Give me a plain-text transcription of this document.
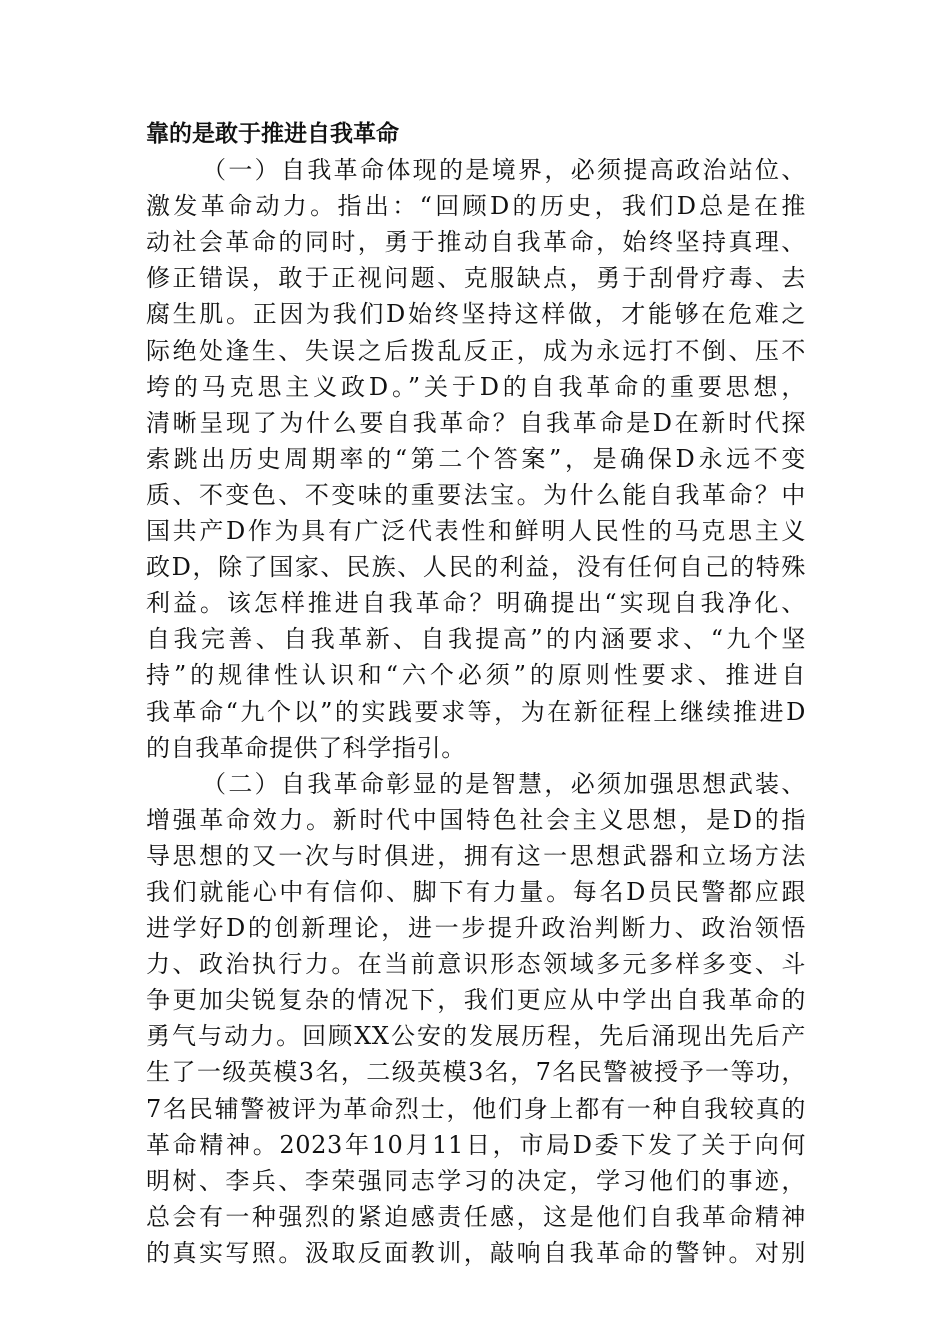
靠的是敢于推进自我革命
（一）自我革命体现的是境界，必须提高政治站位、
激发革命动力。指出：“回顾D的历史，我们D总是在推
动社会革命的同时，勇于推动自我革命，始终坚持真理、
修正错误，敢于正视问题、克服缺点，勇于刮骨疗毒、去
腐生肌。正因为我们D始终坚持这样做，才能够在危难之
际绝处逢生、失误之后拨乱反正，成为永远打不倒、压不
垮的马克思主义政D。”关于D的自我革命的重要思想，
清晰呈现了为什么要自我革命？自我革命是D在新时代探
索跳出历史周期率的“第二个答案”，是确保D永远不变
质、不变色、不变味的重要法宝。为什么能自我革命？中
国共产D作为具有广泛代表性和鲜明人民性的马克思主义
政D，除了国家、民族、人民的利益，没有任何自己的特殊
利益。该怎样推进自我革命？明确提出“实现自我净化、
自我完善、自我革新、自我提高”的内涵要求、“九个坚
持”的规律性认识和“六个必须”的原则性要求、推进自
我革命“九个以”的实践要求等，为在新征程上继续推进D
的自我革命提供了科学指引。
（二）自我革命彰显的是智慧，必须加强思想武装、
增强革命效力。新时代中国特色社会主义思想，是D的指
导思想的又一次与时俱进，拥有这一思想武器和立场方法
我们就能心中有信仰、脚下有力量。每名D员民警都应跟
进学好D的创新理论，进一步提升政治判断力、政治领悟
力、政治执行力。在当前意识形态领域多元多样多变、斗
争更加尖锐复杂的情况下，我们更应从中学出自我革命的
勇气与动力。回顾XX公安的发展历程，先后涌现出先后产
生了一级英模3名，二级英模3名，7名民警被授予一等功，
7名民辅警被评为革命烈士，他们身上都有一种自我较真的
革命精神。2023年10月11日，市局D委下发了关于向何
明树、李兵、李荣强同志学习的决定，学习他们的事迹，
总会有一种强烈的紧迫感责任感，这是他们自我革命精神
的真实写照。汲取反面教训，敲响自我革命的警钟。对别
